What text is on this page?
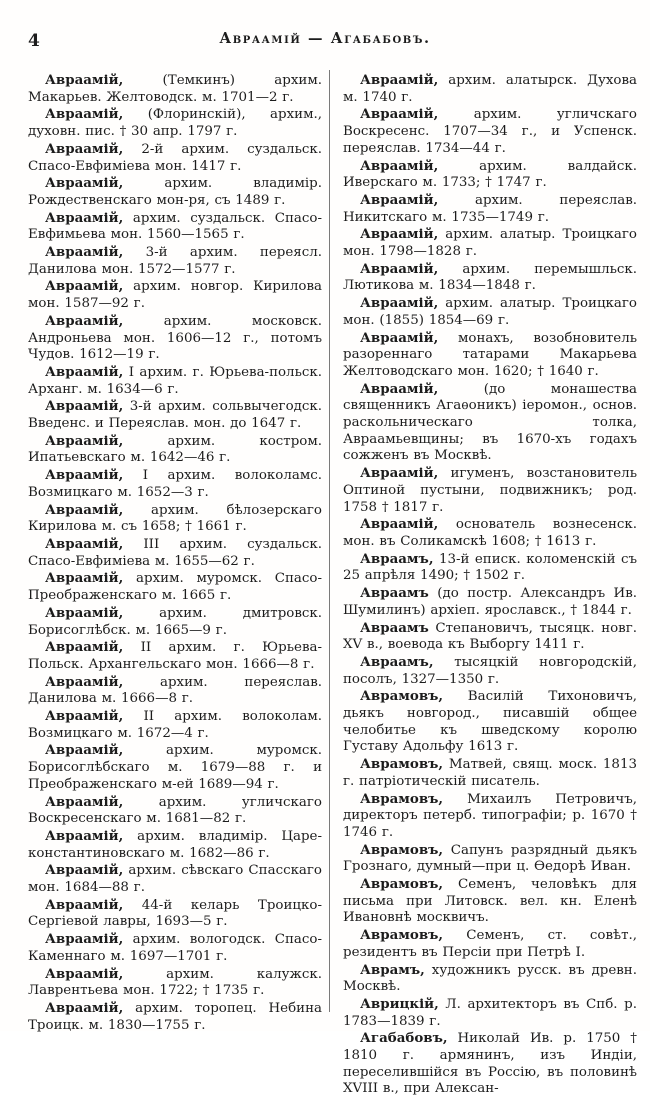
4	Авраамій — Агабабовъ.

Авраамій,	(Темкинъ) архим. Макарьев. Желтоводск. м. 1701—2 г.

Авраамій, (Флоринскій), архим., духовн. пис. † 30 апр. 1797 г.

Авраамій, 2-й архим. суздальск. Спасо-Евфиміева мон. 1417 г.

Авраамій,	архим. владимір. Рождественскаго мон-ря, съ 1489 г.

Авраамій, архим. суздальск. Спасо-Евфимьева мон. 1560—1565 г.

Авраамій, 3-й архим. переясл. Данилова мон. 1572—1577 г.

Авраамій, архим. новгор. Кирилова мон. 1587—92 г.

Авраамій,	архим. московск. Андроньева мон. 1606—12 г., потомъ Чудов. 1612—19 г.

Авраамій, I архим. г. Юрьева-польск. Арханг. м. 1634—6 г.

Авраамій, 3-й архим. сольвычегодск. Введенс. и Переяслав. мон. до 1647 г.

Авраамій,	архим. костром. Ипатьевскаго м. 1642—46 г.

Авраамій, I архим. волоколамс. Возмицкаго м. 1652—3 г.

Авраамій, архим. бѣлозерскаго Кирилова м. съ 1658; † 1661 г.

Авраамій, III архим. суздальск. Спасо-Евфиміева м. 1655—62 г.

Авраамій, архим. муромск. Спасо-Преображенскаго м. 1665 г.

Авраамій,	архим. дмитровск. Борисоглѣбск. м. 1665—9 г.

Авраамій, II архим. г. Юрьева-Польск. Архангельскаго мон. 1666—8 г.

Авраамій,	архим. переяслав. Данилова м. 1666—8 г.

Авраамій, II архим. волоколам. Возмицкаго м. 1672—4 г.

Авраамій,	архим. муромск. Борисоглѣбскаго м. 1679—88 г. и Преображенскаго м-ей 1689—94 г.

Авраамій,	архим. угличскаго Воскресенскаго м. 1681—82 г.

Авраамій, архим. владимір. Царе-константиновскаго м. 1682—86 г.

Авраамій, архим. сѣвскаго Спасскаго мон. 1684—88 г.

Авраамій, 44-й келарь Троицко-Сергіевой лавры, 1693—5 г.

Авраамій, архим. вологодск. Спасо-Каменнаго м. 1697—1701 г.

Авраамій,	архим. калужск. Лаврентьева мон. 1722; † 1735 г.

Авраамій, архим. торопец. Небина Троицк. м. 1830—1755 г.

Авраамій, архим. алатырск. Духова м. 1740 г.

Авраамій,	архим. угличскаго Воскресенс. 1707—34 г., и Успенск. переяслав. 1734—44 г.

Авраамій,	архим. валдайск. Иверскаго м. 1733; † 1747 г.

Авраамій,	архим. переяслав. Никитскаго м. 1735—1749 г.

Авраамій, архим. алатыр. Троицкаго мон. 1798—1828 г.

Авраамій, архим. перемышльск. Лютикова м. 1834—1848 г.

Авраамій, архим. алатыр. Троицкаго мон. (1855) 1854—69 г.

Авраамій, монахъ, возобновитель разореннаго татарами Макарьева Желтоводскаго мон. 1620; † 1640 г.

Авраамій,	(до монашества священникъ Агаѳоникъ) іеромон., основ. раскольническаго толка, Авраамьевщины; въ 1670-хъ годахъ сожженъ въ Москвѣ.

Авраамій, игуменъ, возстановитель Оптиной пустыни, подвижникъ; род. 1758 † 1817 г.

Авраамій, основатель вознесенск. мон. въ Соликамскѣ 1608; † 1613 г.

Авраамъ, 13-й еписк. коломенскій съ 25 апрѣля 1490; † 1502 г.

Авраамъ (до постр. Александръ Ив. Шумилинъ) архіеп. ярославск., † 1844 г.

Авраамъ Степановичъ, тысяцк. новг. XV в., воевода къ Выборгу 1411 г.

Авраамъ, тысяцкій новгородскій, посолъ, 1327—1350 г.

Аврамовъ, Василій Тихоновичъ, дьякъ новгород., писавшій общее челобитье къ шведскому королю Густаву Адольфу 1613 г.

Аврамовъ, Матвей, свящ. моск. 1813 г. патріотическій писатель.

Аврамовъ, Михаилъ Петровичъ, директоръ петерб. типографіи; р. 1670 † 1746 г.

Аврамовъ, Сапунъ разрядный дьякъ Грознаго, думный—при ц. Ѳедорѣ Иван.

Аврамовъ, Семенъ, человѣкъ для письма при Литовск. вел. кн. Еленѣ Ивановнѣ москвичъ.

Аврамовъ, Семенъ, ст. совѣт., резидентъ въ Персіи при Петрѣ I.

Аврамъ, художникъ русск. въ древн. Москвѣ.

Аврицкій, Л. архитекторъ въ Спб. р. 1783—1839 г.

Агабабовъ, Николай Ив. р. 1750 † 1810 г. армянинъ, изъ Индіи, переселившійся въ Россію, въ половинѣ XVIII в., при Алексан-
